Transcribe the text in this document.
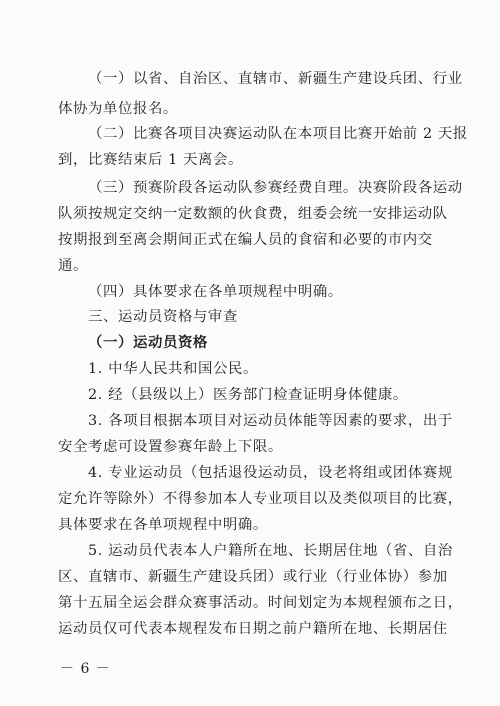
（一）以省、自治区、直辖市、新疆生产建设兵团、行业
体协为单位报名。
（二）比赛各项目决赛运动队在本项目比赛开始前 2 天报
到，比赛结束后 1 天离会。
（三）预赛阶段各运动队参赛经费自理。决赛阶段各运动
队须按规定交纳一定数额的伙食费，组委会统一安排运动队
按期报到至离会期间正式在编人员的食宿和必要的市内交
通。
（四）具体要求在各单项规程中明确。
三、运动员资格与审查
（一）运动员资格
1. 中华人民共和国公民。
2. 经（县级以上）医务部门检查证明身体健康。
3. 各项目根据本项目对运动员体能等因素的要求，出于
安全考虑可设置参赛年龄上下限。
4. 专业运动员（包括退役运动员，设老将组或团体赛规
定允许等除外）不得参加本人专业项目以及类似项目的比赛，
具体要求在各单项规程中明确。
5. 运动员代表本人户籍所在地、长期居住地（省、自治
区、直辖市、新疆生产建设兵团）或行业（行业体协）参加
第十五届全运会群众赛事活动。时间划定为本规程颁布之日，
运动员仅可代表本规程发布日期之前户籍所在地、长期居住
－ 6 －
